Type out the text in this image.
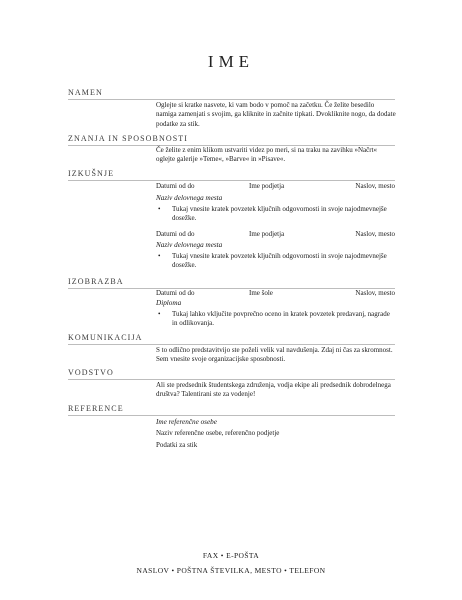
IME
NAMEN
Oglejte si kratke nasvete, ki vam bodo v pomoč na začetku. Če želite besedilo namiga zamenjati s svojim, ga kliknite in začnite tipkati. Dvokliknite nogo, da dodate podatke za stik.
ZNANJA IN SPOSOBNOSTI
Če želite z enim klikom ustvariti videz po meri, si na traku na zavihku »Načrt« oglejte galerije »Teme«, »Barve« in »Pisave«.
IZKUŠNJE
Datumi od do	Ime podjetja	Naslov, mesto
Naziv delovnega mesta
• Tukaj vnesite kratek povzetek ključnih odgovornosti in svoje najodmevnejše dosežke.
Datumi od do	Ime podjetja	Naslov, mesto
Naziv delovnega mesta
• Tukaj vnesite kratek povzetek ključnih odgovornosti in svoje najodmevnejše dosežke.
IZOBRAZBA
Datumi od do	Ime šole	Naslov, mesto
Diploma
• Tukaj lahko vključite povprečno oceno in kratek povzetek predavanj, nagrade in odlikovanja.
KOMUNIKACIJA
S to odlično predstavitvijo ste poželi velik val navdušenja. Zdaj ni čas za skromnost. Sem vnesite svoje organizacijske sposobnosti.
VODSTVO
Ali ste predsednik študentskega združenja, vodja ekipe ali predsednik dobrodelnega društva? Talentirani ste za vodenje!
REFERENCE
Ime referenčne osebe
Naziv referenčne osebe, referenčno podjetje
Podatki za stik
FAX • E-POŠTA
NASLOV • POŠTNA ŠTEVILKA, MESTO • TELEFON
